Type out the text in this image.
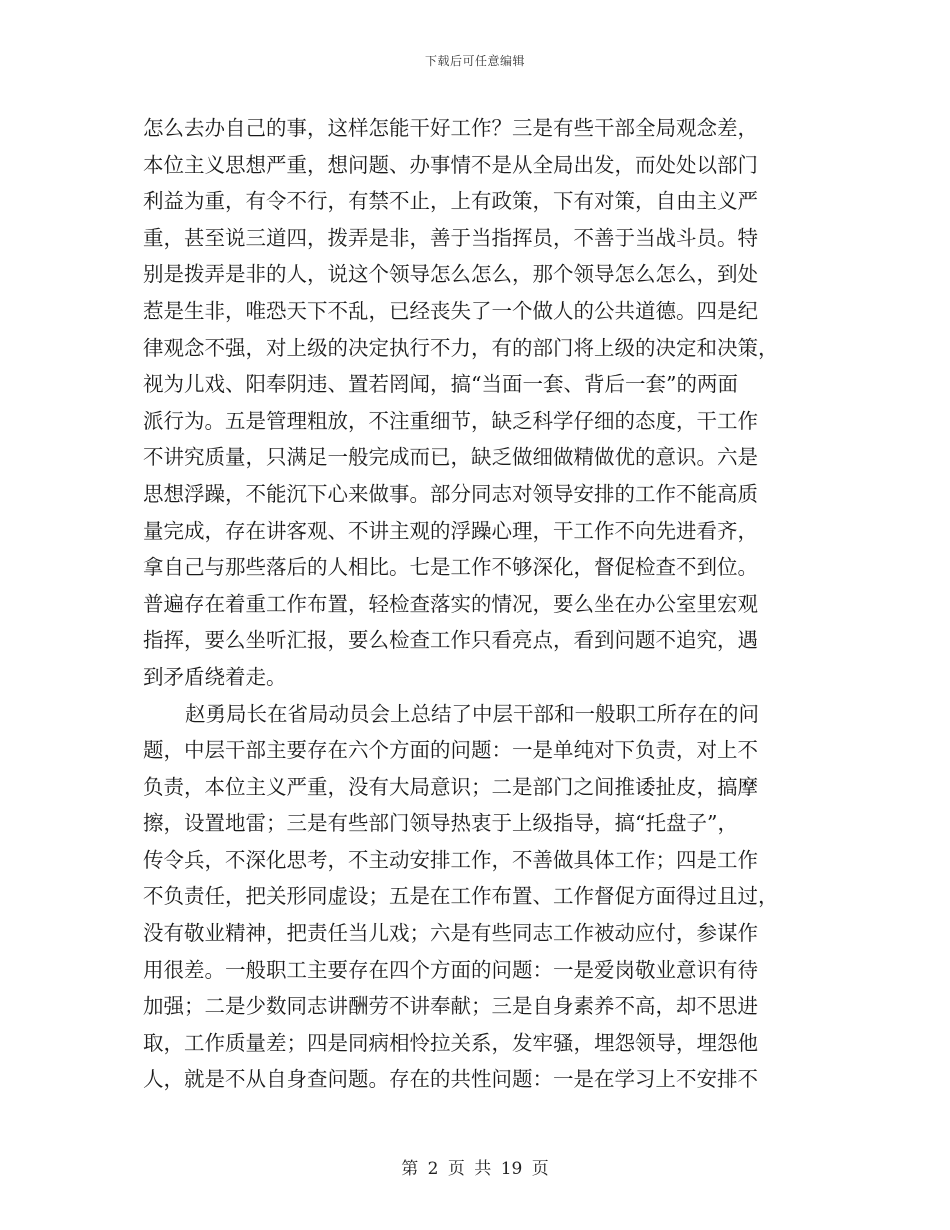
下载后可任意编辑

怎么去办自己的事，这样怎能干好工作？三是有些干部全局观念差，
本位主义思想严重，想问题、办事情不是从全局出发，而处处以部门
利益为重，有令不行，有禁不止，上有政策，下有对策，自由主义严
重，甚至说三道四，拨弄是非，善于当指挥员，不善于当战斗员。特
别是拨弄是非的人，说这个领导怎么怎么，那个领导怎么怎么，到处
惹是生非，唯恐天下不乱，已经丧失了一个做人的公共道德。四是纪
律观念不强，对上级的决定执行不力，有的部门将上级的决定和决策，
视为儿戏、阳奉阴违、置若罔闻，搞“当面一套、背后一套”的两面
派行为。五是管理粗放，不注重细节，缺乏科学仔细的态度，干工作
不讲究质量，只满足一般完成而已，缺乏做细做精做优的意识。六是
思想浮躁，不能沉下心来做事。部分同志对领导安排的工作不能高质
量完成，存在讲客观、不讲主观的浮躁心理，干工作不向先进看齐，
拿自己与那些落后的人相比。七是工作不够深化，督促检查不到位。
普遍存在着重工作布置，轻检查落实的情况，要么坐在办公室里宏观
指挥，要么坐听汇报，要么检查工作只看亮点，看到问题不追究，遇
到矛盾绕着走。

赵勇局长在省局动员会上总结了中层干部和一般职工所存在的问
题，中层干部主要存在六个方面的问题：一是单纯对下负责，对上不
负责，本位主义严重，没有大局意识；二是部门之间推诿扯皮，搞摩
擦，设置地雷；三是有些部门领导热衷于上级指导，搞“托盘子”，
传令兵，不深化思考，不主动安排工作，不善做具体工作；四是工作
不负责任，把关形同虚设；五是在工作布置、工作督促方面得过且过，
没有敬业精神，把责任当儿戏；六是有些同志工作被动应付，参谋作
用很差。一般职工主要存在四个方面的问题：一是爱岗敬业意识有待
加强；二是少数同志讲酬劳不讲奉献；三是自身素养不高，却不思进
取，工作质量差；四是同病相怜拉关系，发牢骚，埋怨领导，埋怨他
人，就是不从自身查问题。存在的共性问题：一是在学习上不安排不

第 2 页 共 19 页
